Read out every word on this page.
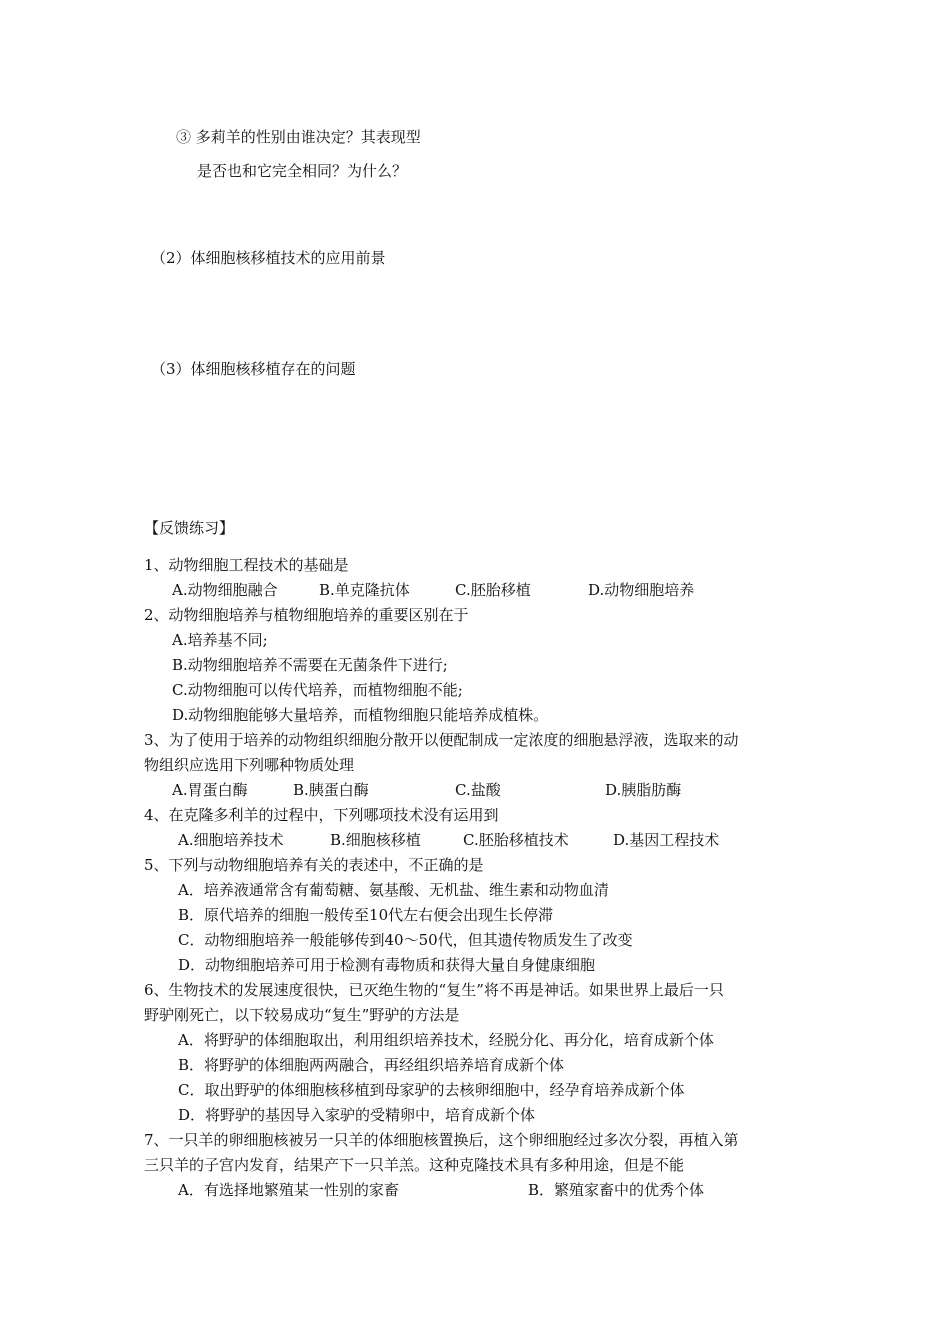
③ 多莉羊的性别由谁决定？其表现型
是否也和它完全相同？为什么？
（2）体细胞核移植技术的应用前景
（3）体细胞核移植存在的问题
【反馈练习】
1、动物细胞工程技术的基础是
A.动物细胞融合	B.单克隆抗体	C.胚胎移植	D.动物细胞培养
2、动物细胞培养与植物细胞培养的重要区别在于
A.培养基不同;
B.动物细胞培养不需要在无菌条件下进行;
C.动物细胞可以传代培养，而植物细胞不能;
D.动物细胞能够大量培养，而植物细胞只能培养成植株。
3、为了使用于培养的动物组织细胞分散开以便配制成一定浓度的细胞悬浮液，选取来的动
物组织应选用下列哪种物质处理
A.胃蛋白酶	B.胰蛋白酶	C.盐酸	D.胰脂肪酶
4、在克隆多利羊的过程中，下列哪项技术没有运用到
A.细胞培养技术	B.细胞核移植	C.胚胎移植技术	D.基因工程技术
5、下列与动物细胞培养有关的表述中，不正确的是
A．培养液通常含有葡萄糖、氨基酸、无机盐、维生素和动物血清
B．原代培养的细胞一般传至10代左右便会出现生长停滞
C．动物细胞培养一般能够传到40～50代，但其遗传物质发生了改变
D．动物细胞培养可用于检测有毒物质和获得大量自身健康细胞
6、生物技术的发展速度很快，已灭绝生物的“复生”将不再是神话。如果世界上最后一只
野驴刚死亡，以下较易成功“复生”野驴的方法是
A．将野驴的体细胞取出，利用组织培养技术，经脱分化、再分化，培育成新个体
B．将野驴的体细胞两两融合，再经组织培养培育成新个体
C．取出野驴的体细胞核移植到母家驴的去核卵细胞中，经孕育培养成新个体
D．将野驴的基因导入家驴的受精卵中，培育成新个体
7、一只羊的卵细胞核被另一只羊的体细胞核置换后，这个卵细胞经过多次分裂，再植入第
三只羊的子宫内发育，结果产下一只羊羔。这种克隆技术具有多种用途，但是不能
A．有选择地繁殖某一性别的家畜	B．繁殖家畜中的优秀个体
